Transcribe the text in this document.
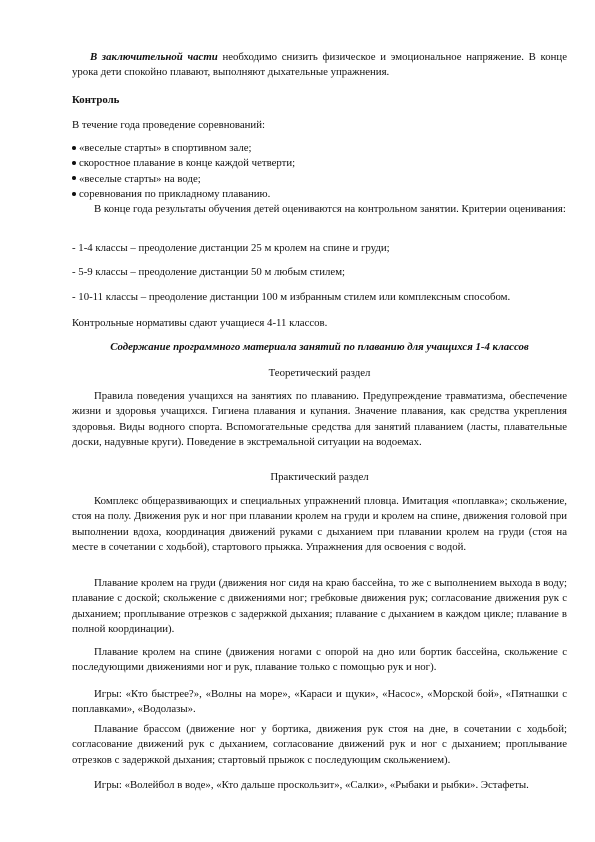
В заключительной части необходимо снизить физическое и эмоциональное напряжение. В конце урока дети спокойно плавают, выполняют дыхательные упражнения.

Контроль

В течение года проведение соревнований:

«веселые старты» в спортивном зале;
скоростное плавание в конце каждой четверти;
«веселые старты» на воде;
соревнования по прикладному плаванию.

В конце года результаты обучения детей оцениваются на контрольном занятии. Критерии оценивания:

- 1-4 классы – преодоление дистанции 25 м кролем на спине и груди;

- 5-9 классы – преодоление дистанции 50 м любым стилем;

- 10-11 классы – преодоление дистанции 100 м избранным стилем или комплексным способом.

Контрольные нормативы сдают учащиеся 4-11 классов.

Содержание программного материала занятий по плаванию для учащихся 1-4 классов

Теоретический раздел

Правила поведения учащихся на занятиях по плаванию. Предупреждение травматизма, обеспечение жизни и здоровья учащихся. Гигиена плавания и купания. Значение плавания, как средства укрепления здоровья. Виды водного спорта. Вспомогательные средства для занятий плаванием (ласты, плавательные доски, надувные круги). Поведение в экстремальной ситуации на водоемах.

Практический раздел

Комплекс общеразвивающих и специальных упражнений пловца. Имитация «поплавка»; скольжение, стоя на полу. Движения рук и ног при плавании кролем на груди и кролем на спине, движения головой при выполнении вдоха, координация движений руками с дыханием при плавании кролем на груди (стоя на месте в сочетании с ходьбой), стартового прыжка. Упражнения для освоения с водой.

Плавание кролем на груди (движения ног сидя на краю бассейна, то же с выполнением выхода в воду; плавание с доской; скольжение с движениями ног; гребковые движения рук; согласование движения рук с дыханием; проплывание отрезков с задержкой дыхания; плавание с дыханием в каждом цикле; плавание в полной координации).

Плавание кролем на спине (движения ногами с опорой на дно или бортик бассейна, скольжение с последующими движениями ног и рук, плавание только с помощью рук и ног).

Игры: «Кто быстрее?», «Волны на море», «Караси и щуки», «Насос», «Морской бой», «Пятнашки с поплавками», «Водолазы».

Плавание брассом (движение ног у бортика, движения рук стоя на дне, в сочетании с ходьбой; согласование движений рук с дыханием, согласование движений рук и ног с дыханием; проплывание отрезков с задержкой дыхания; стартовый прыжок с последующим скольжением).

Игры: «Волейбол в воде», «Кто дальше проскользит», «Салки», «Рыбаки и рыбки». Эстафеты.
